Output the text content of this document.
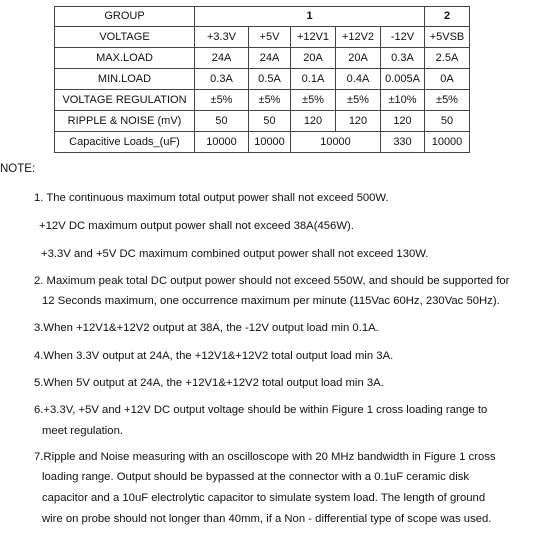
GROUP	1					2
VOLTAGE	+3.3V	+5V	+12V1	+12V2	-12V	+5VSB
MAX.LOAD	24A	24A	20A	20A	0.3A	2.5A
MIN.LOAD	0.3A	0.5A	0.1A	0.4A	0.005A	0A
VOLTAGE REGULATION	±5%	±5%	±5%	±5%	±10%	±5%
RIPPLE & NOISE (mV)	50	50	120	120	120	50
Capacitive Loads_(uF)	10000	10000	10000		330	10000
NOTE:
1. The continuous maximum total output power shall not exceed 500W.
+12V DC maximum output power shall not exceed 38A(456W).
+3.3V and +5V DC maximum combined output power shall not exceed 130W.
2. Maximum peak total DC output power should not exceed 550W, and should be supported for
12 Seconds maximum, one occurrence maximum per minute (115Vac 60Hz, 230Vac 50Hz).
3.When +12V1&+12V2 output at 38A, the -12V output load min 0.1A.
4.When 3.3V output at 24A, the +12V1&+12V2 total output load min 3A.
5.When 5V output at 24A, the +12V1&+12V2 total output load min 3A.
6.+3.3V, +5V and +12V DC output voltage should be within Figure 1 cross loading range to
meet regulation.
7.Ripple and Noise measuring with an oscilloscope with 20 MHz bandwidth in Figure 1 cross
loading range. Output should be bypassed at the connector with a 0.1uF ceramic disk
capacitor and a 10uF electrolytic capacitor to simulate system load. The length of ground
wire on probe should not longer than 40mm, if a Non - differential type of scope was used.
